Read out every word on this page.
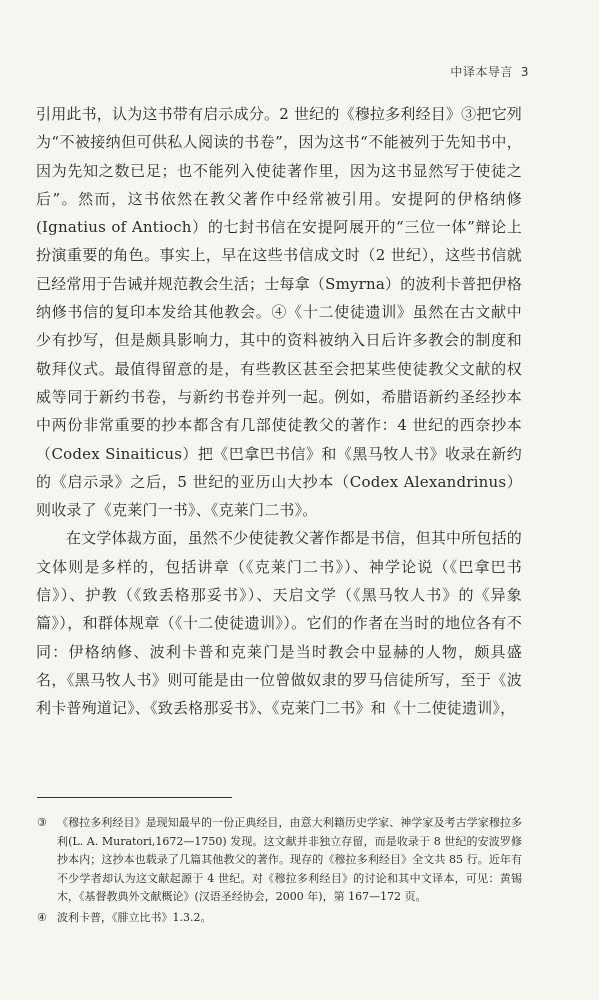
中译本导言 3

引用此书，认为这书带有启示成分。2 世纪的《穆拉多利经目》③把它列为“不被接纳但可供私人阅读的书卷”，因为这书“不能被列于先知书中，因为先知之数已足；也不能列入使徒著作里，因为这书显然写于使徒之后”。然而，这书依然在教父著作中经常被引用。安提阿的伊格纳修(Ignatius of Antioch）的七封书信在安提阿展开的“三位一体”辩论上扮演重要的角色。事实上，早在这些书信成文时（2 世纪），这些书信就已经常用于告诫并规范教会生活；士每拿（Smyrna）的波利卡普把伊格纳修书信的复印本发给其他教会。④《十二使徒遗训》虽然在古文献中少有抄写，但是颇具影响力，其中的资料被纳入日后许多教会的制度和敬拜仪式。最值得留意的是，有些教区甚至会把某些使徒教父文献的权威等同于新约书卷，与新约书卷并列一起。例如，希腊语新约圣经抄本中两份非常重要的抄本都含有几部使徒教父的著作：4 世纪的西奈抄本（Codex Sinaiticus）把《巴拿巴书信》和《黑马牧人书》收录在新约的《启示录》之后，5 世纪的亚历山大抄本（Codex Alexandrinus）则收录了《克莱门一书》、《克莱门二书》。

在文学体裁方面，虽然不少使徒教父著作都是书信，但其中所包括的文体则是多样的，包括讲章（《克莱门二书》）、神学论说（《巴拿巴书信》）、护教（《致丢格那妥书》）、天启文学（《黑马牧人书》的《异象篇》），和群体规章（《十二使徒遗训》）。它们的作者在当时的地位各有不同：伊格纳修、波利卡普和克莱门是当时教会中显赫的人物，颇具盛名，《黑马牧人书》则可能是由一位曾做奴隶的罗马信徒所写，至于《波利卡普殉道记》、《致丢格那妥书》、《克莱门二书》和《十二使徒遗训》，

③ 《穆拉多利经目》是现知最早的一份正典经目，由意大利籍历史学家、神学家及考古学家穆拉多利(L. A. Muratori,1672—1750) 发现。这文献并非独立存留，而是收录于 8 世纪的安波罗修抄本内；这抄本也载录了几篇其他教父的著作。现存的《穆拉多利经目》全文共 85 行。近年有不少学者却认为这文献起源于 4 世纪。对《穆拉多利经目》的讨论和其中文译本，可见：黄锡木，《基督教典外文献概论》(汉语圣经协会，2000 年)，第 167—172 页。
④ 波利卡普，《腓立比书》1.3.2。
